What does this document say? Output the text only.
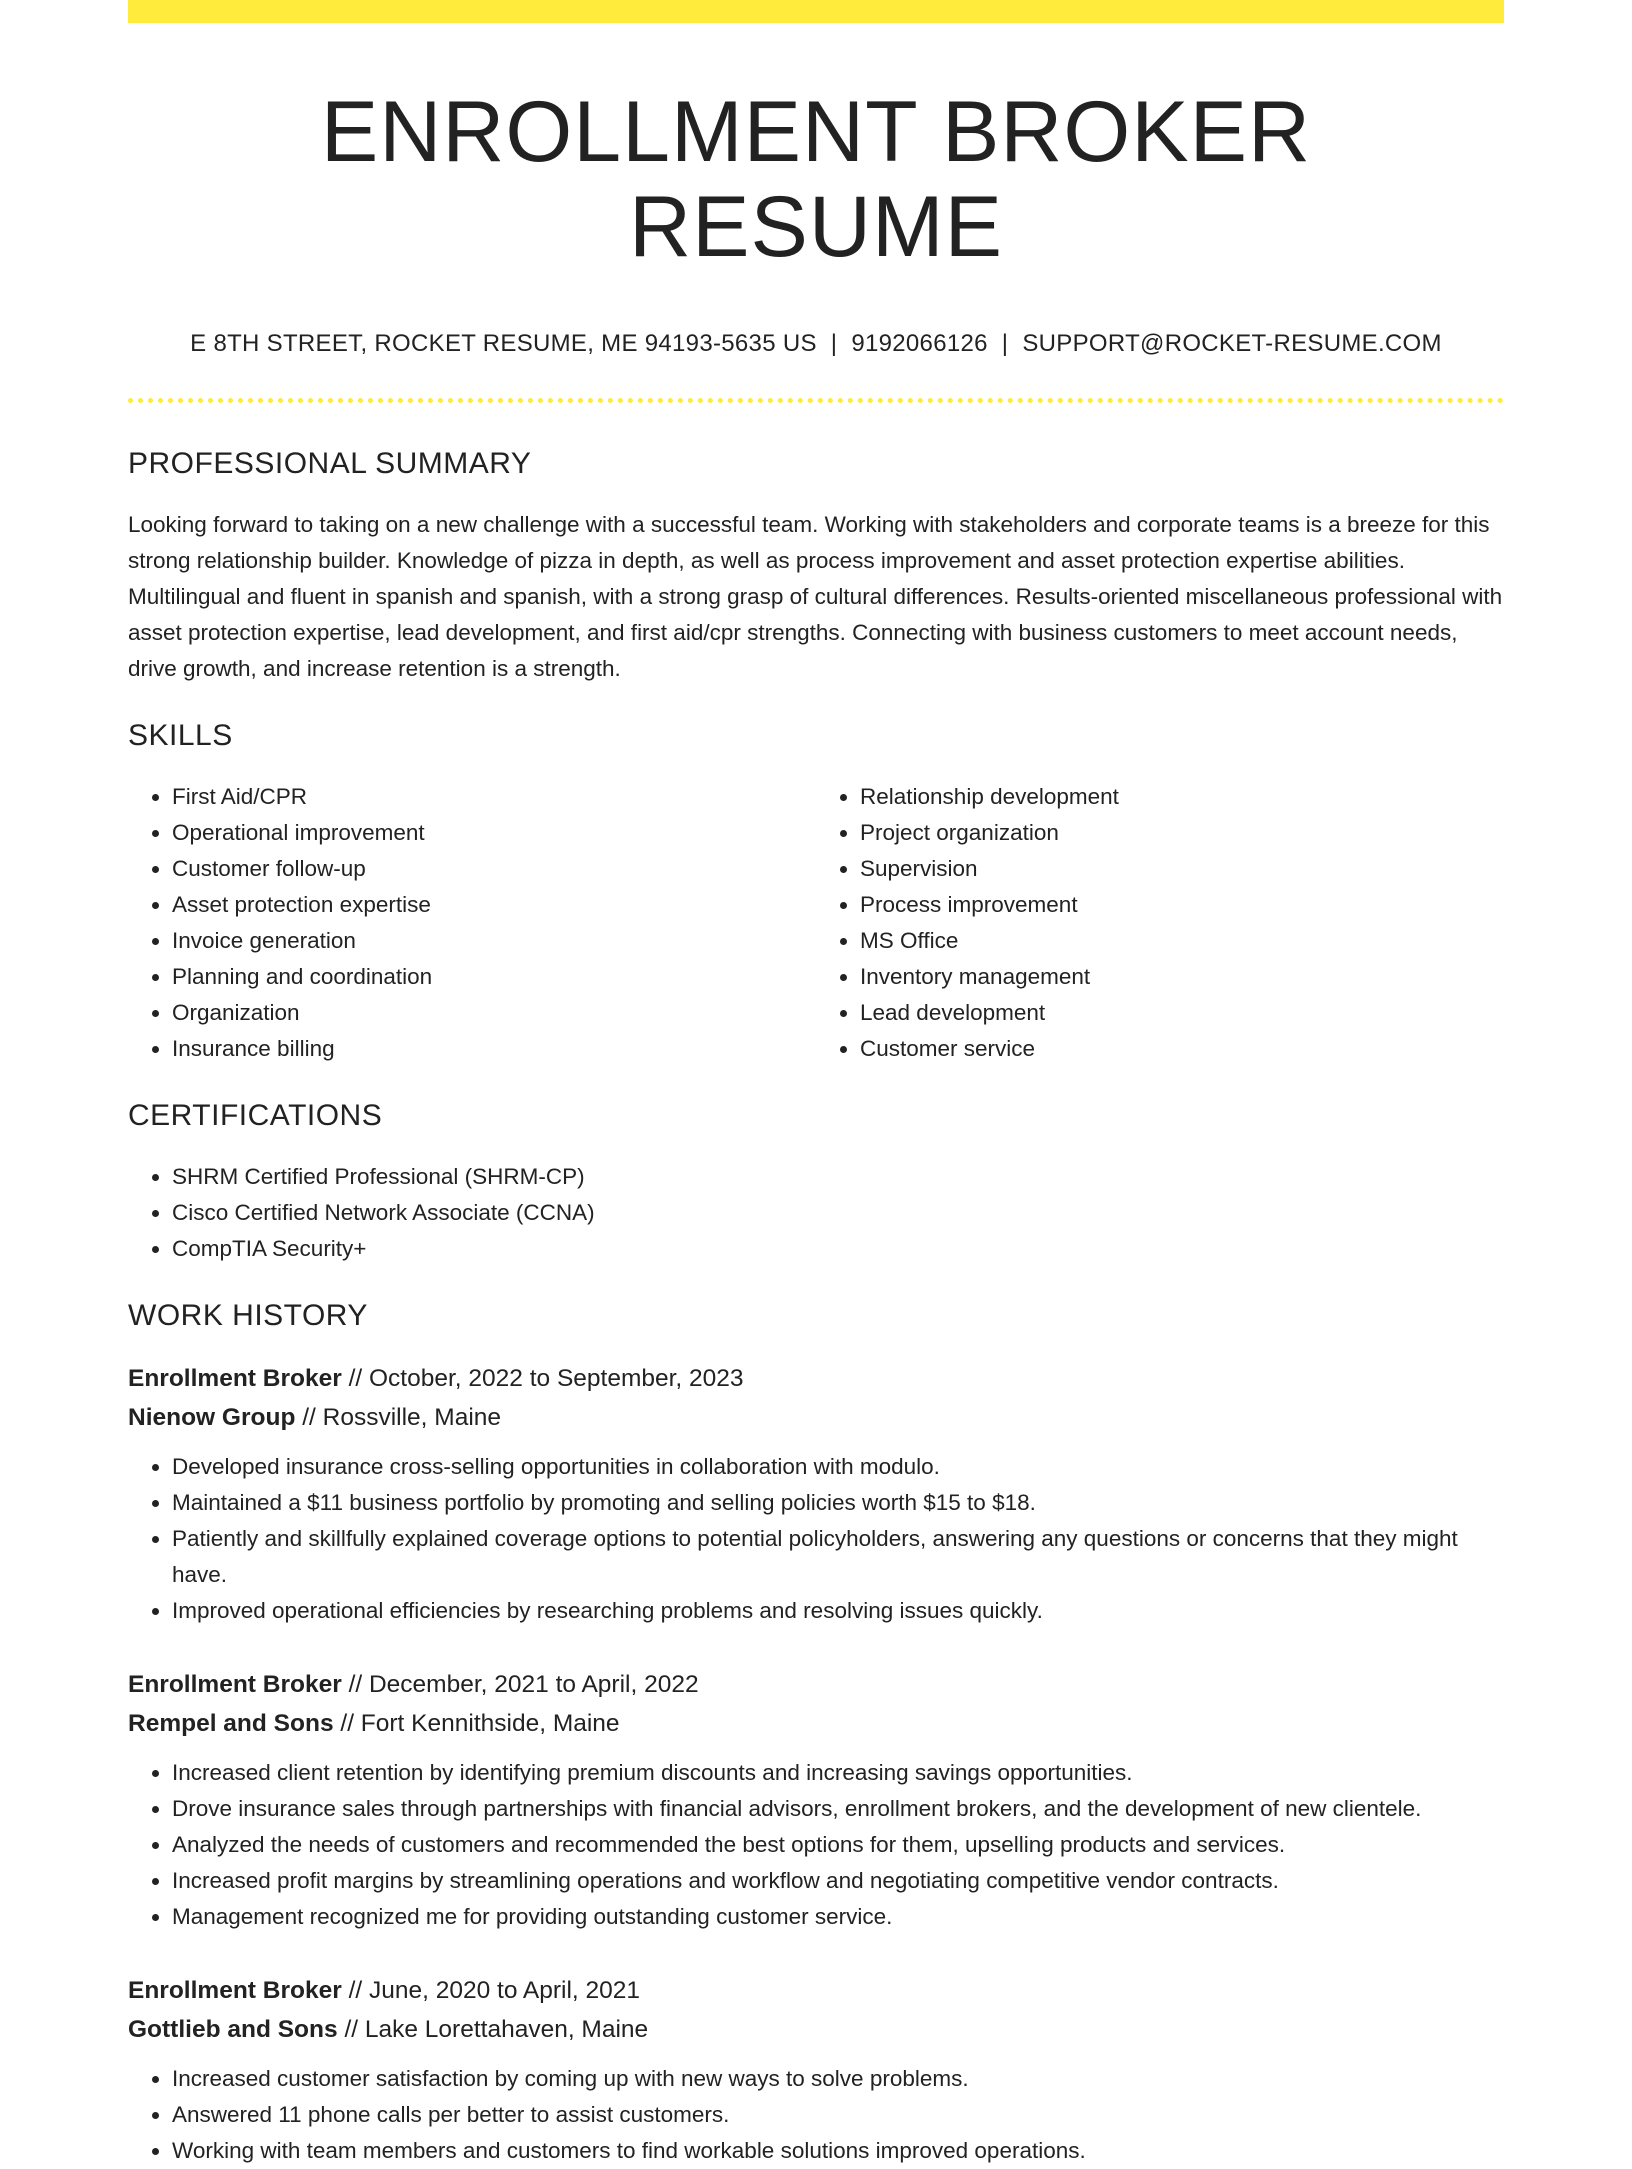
ENROLLMENT BROKER RESUME
E 8TH STREET, ROCKET RESUME, ME 94193-5635 US | 9192066126 | SUPPORT@ROCKET-RESUME.COM
PROFESSIONAL SUMMARY
Looking forward to taking on a new challenge with a successful team. Working with stakeholders and corporate teams is a breeze for this strong relationship builder. Knowledge of pizza in depth, as well as process improvement and asset protection expertise abilities. Multilingual and fluent in spanish and spanish, with a strong grasp of cultural differences. Results-oriented miscellaneous professional with asset protection expertise, lead development, and first aid/cpr strengths. Connecting with business customers to meet account needs, drive growth, and increase retention is a strength.
SKILLS
• First Aid/CPR
• Operational improvement
• Customer follow-up
• Asset protection expertise
• Invoice generation
• Planning and coordination
• Organization
• Insurance billing
• Relationship development
• Project organization
• Supervision
• Process improvement
• MS Office
• Inventory management
• Lead development
• Customer service
CERTIFICATIONS
• SHRM Certified Professional (SHRM-CP)
• Cisco Certified Network Associate (CCNA)
• CompTIA Security+
WORK HISTORY
Enrollment Broker // October, 2022 to September, 2023
Nienow Group // Rossville, Maine
• Developed insurance cross-selling opportunities in collaboration with modulo.
• Maintained a $11 business portfolio by promoting and selling policies worth $15 to $18.
• Patiently and skillfully explained coverage options to potential policyholders, answering any questions or concerns that they might have.
• Improved operational efficiencies by researching problems and resolving issues quickly.
Enrollment Broker // December, 2021 to April, 2022
Rempel and Sons // Fort Kennithside, Maine
• Increased client retention by identifying premium discounts and increasing savings opportunities.
• Drove insurance sales through partnerships with financial advisors, enrollment brokers, and the development of new clientele.
• Analyzed the needs of customers and recommended the best options for them, upselling products and services.
• Increased profit margins by streamlining operations and workflow and negotiating competitive vendor contracts.
• Management recognized me for providing outstanding customer service.
Enrollment Broker // June, 2020 to April, 2021
Gottlieb and Sons // Lake Lorettahaven, Maine
• Increased customer satisfaction by coming up with new ways to solve problems.
• Answered 11 phone calls per better to assist customers.
• Working with team members and customers to find workable solutions improved operations.
